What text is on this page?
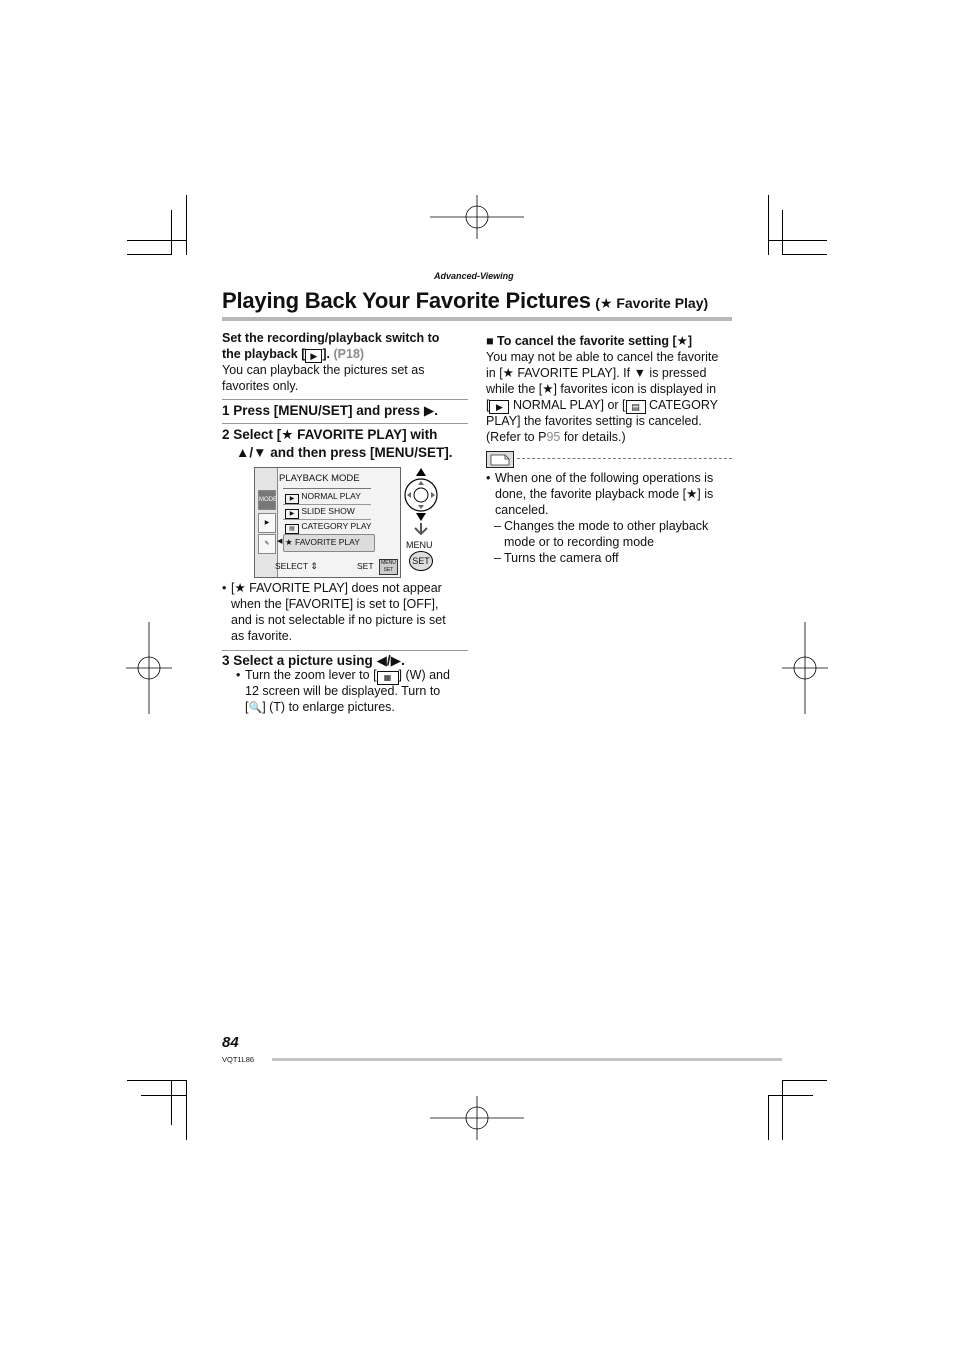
Advanced-Viewing
Playing Back Your Favorite Pictures (★ Favorite Play)
Set the recording/playback switch to
the playback [ ▶ ]. (P18)
You can playback the pictures set as
favorites only.
1 Press [MENU/SET] and press ▶.
2 Select [★ FAVORITE PLAY] with
▲/▼ and then press [MENU/SET].
MODE
▶
✎
PLAYBACK MODE
▶ NORMAL PLAY
▶ SLIDE SHOW
▤ CATEGORY PLAY
★ FAVORITE PLAY
◀
SELECT ⇕	SET MENU
SET
MENU
SET
• [★ FAVORITE PLAY] does not appear
when the [FAVORITE] is set to [OFF],
and is not selectable if no picture is set
as favorite.
3 Select a picture using ◀/▶.
• Turn the zoom lever to [ ▦ ] (W) and
12 screen will be displayed. Turn to
[🔍] (T) to enlarge pictures.
■ To cancel the favorite setting [★]
You may not be able to cancel the favorite
in [★ FAVORITE PLAY]. If ▼ is pressed
while the [★] favorites icon is displayed in
[ ▶ NORMAL PLAY] or [ ▤ CATEGORY
PLAY] the favorites setting is canceled.
(Refer to P95 for details.)
• When one of the following operations is
done, the favorite playback mode [★] is
canceled.
– Changes the mode to other playback
mode or to recording mode
– Turns the camera off
84
VQT1L86
